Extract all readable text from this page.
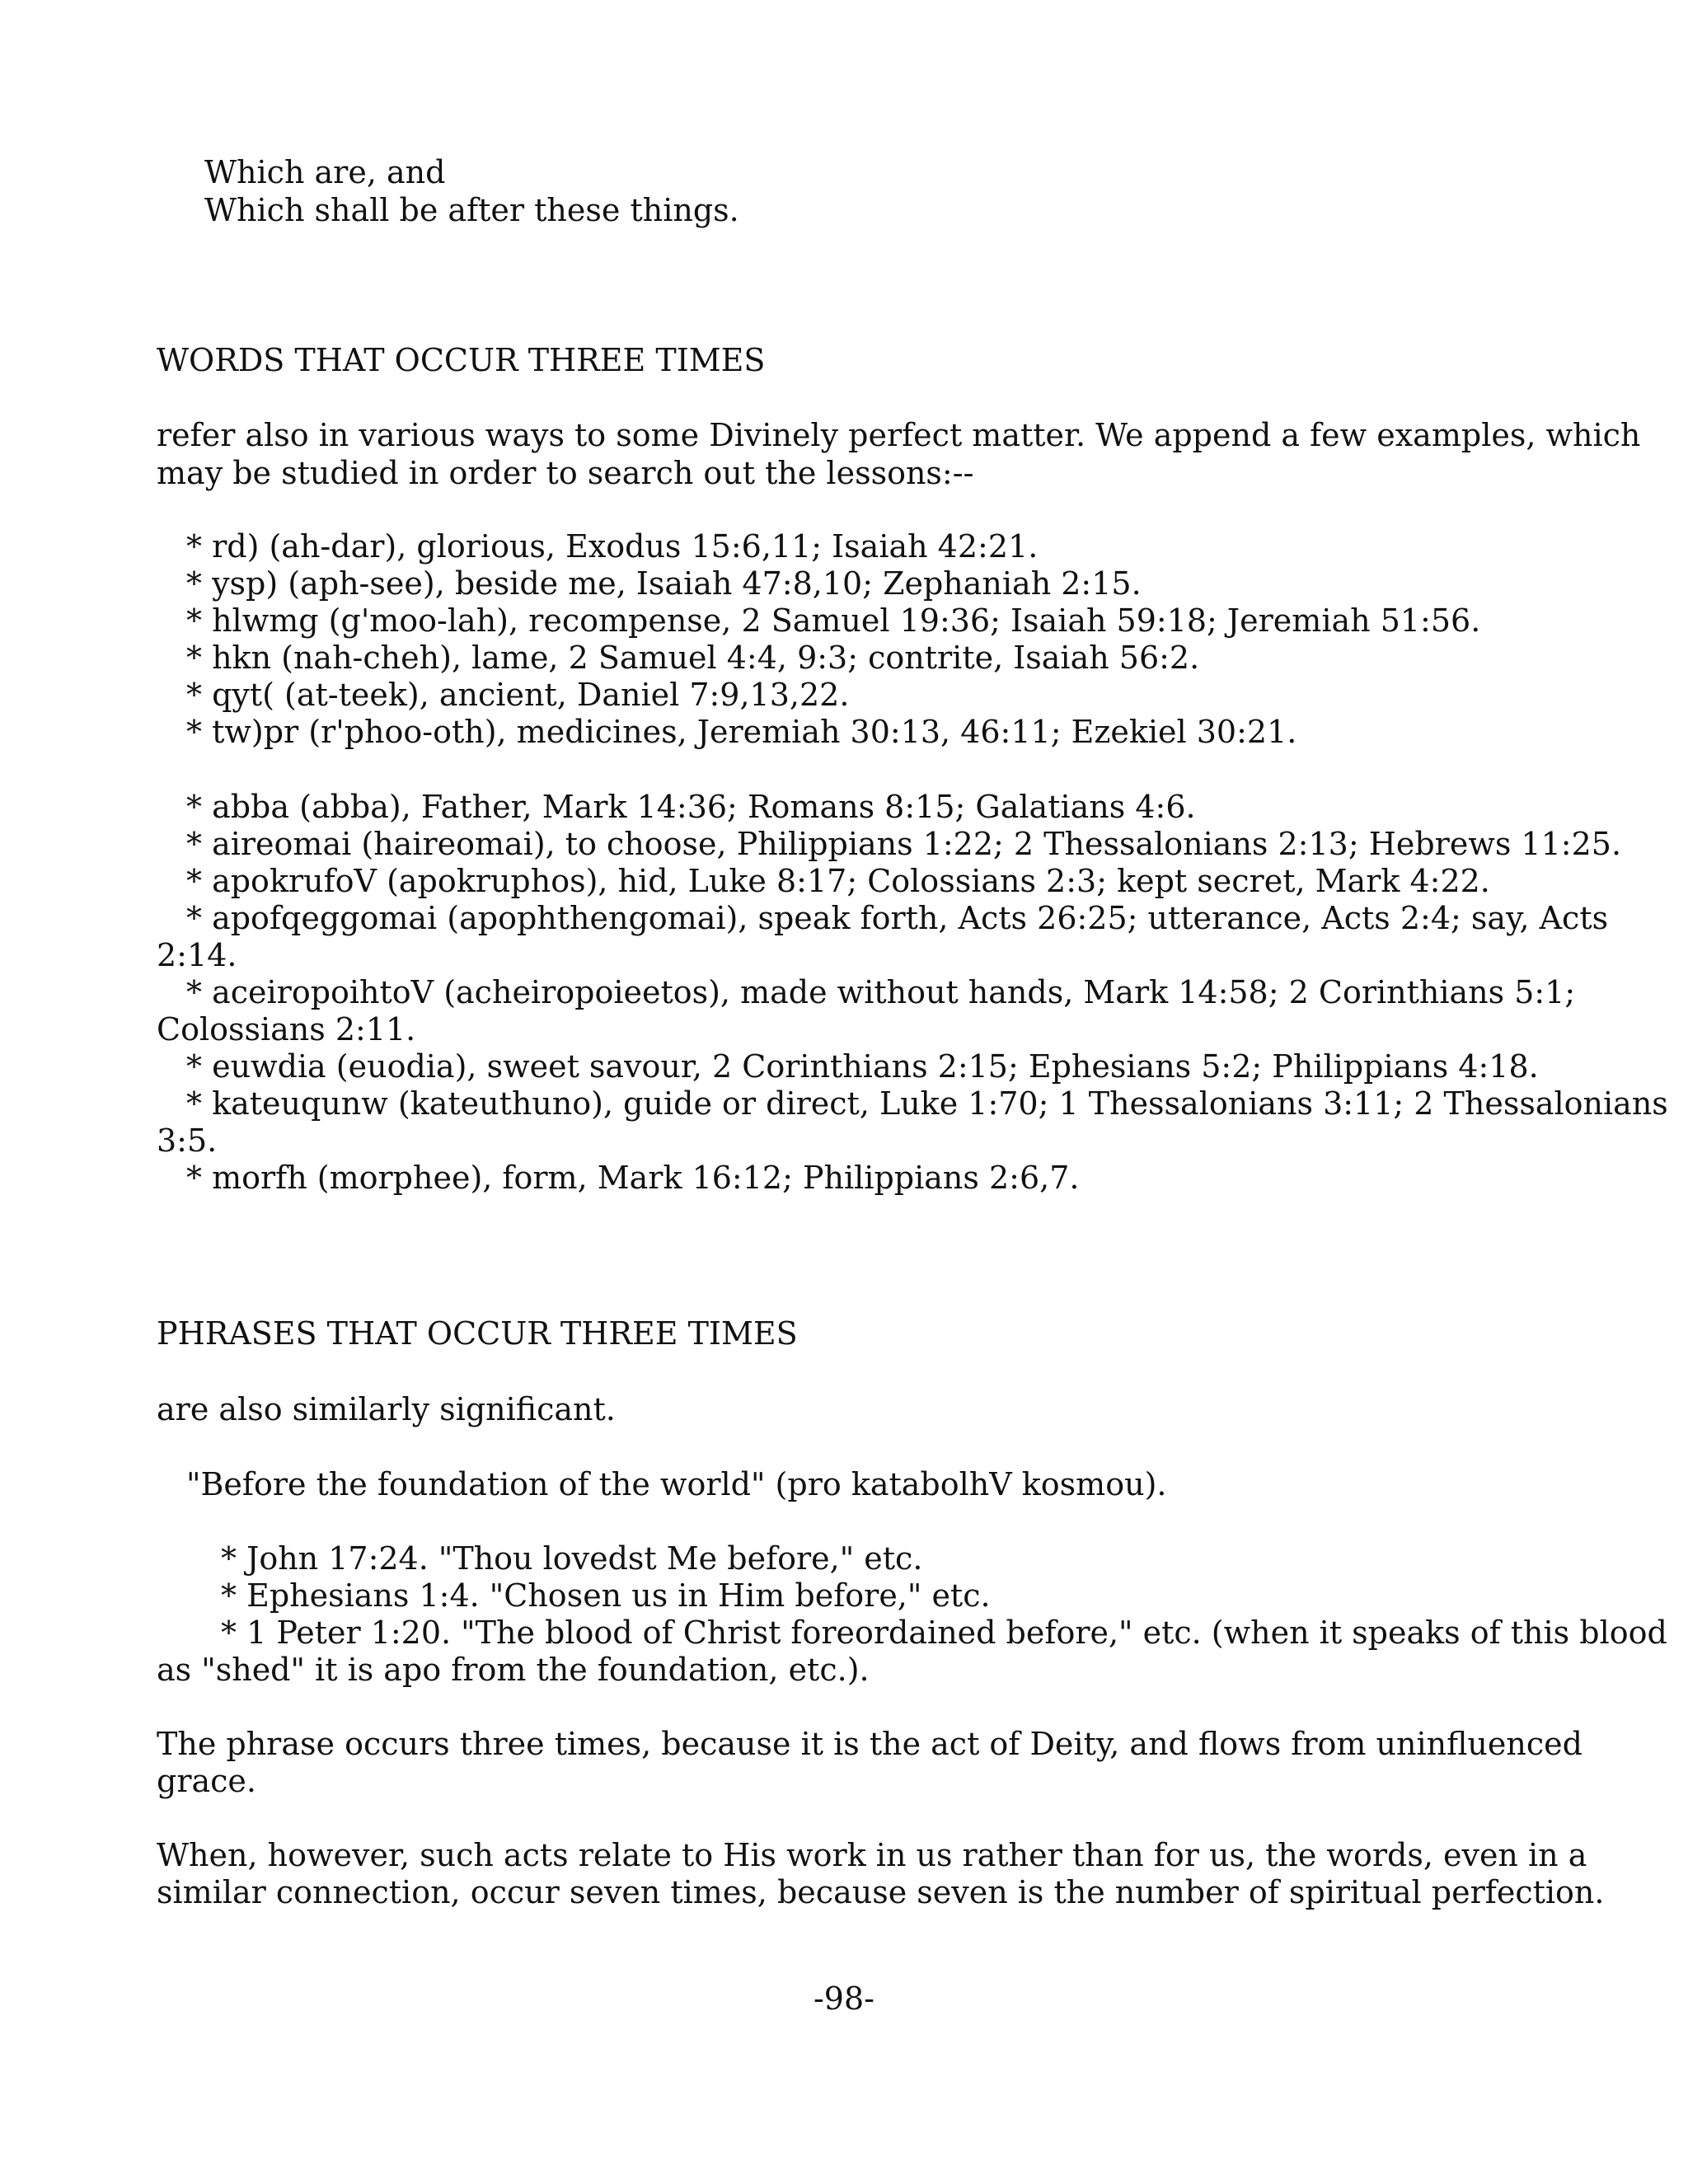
Which are, and
Which shall be after these things.
WORDS THAT OCCUR THREE TIMES
refer also in various ways to some Divinely perfect matter. We append a few examples, which
may be studied in order to search out the lessons:--
* rd) (ah-dar), glorious, Exodus 15:6,11; Isaiah 42:21.
* ysp) (aph-see), beside me, Isaiah 47:8,10; Zephaniah 2:15.
* hlwmg (g'moo-lah), recompense, 2 Samuel 19:36; Isaiah 59:18; Jeremiah 51:56.
* hkn (nah-cheh), lame, 2 Samuel 4:4, 9:3; contrite, Isaiah 56:2.
* qyt( (at-teek), ancient, Daniel 7:9,13,22.
* tw)pr (r'phoo-oth), medicines, Jeremiah 30:13, 46:11; Ezekiel 30:21.
* abba (abba), Father, Mark 14:36; Romans 8:15; Galatians 4:6.
* aireomai (haireomai), to choose, Philippians 1:22; 2 Thessalonians 2:13; Hebrews 11:25.
* apokrufoV (apokruphos), hid, Luke 8:17; Colossians 2:3; kept secret, Mark 4:22.
* apofqeggomai (apophthengomai), speak forth, Acts 26:25; utterance, Acts 2:4; say, Acts
2:14.
* aceiropoihtoV (acheiropoieetos), made without hands, Mark 14:58; 2 Corinthians 5:1;
Colossians 2:11.
* euwdia (euodia), sweet savour, 2 Corinthians 2:15; Ephesians 5:2; Philippians 4:18.
* kateuqunw (kateuthuno), guide or direct, Luke 1:70; 1 Thessalonians 3:11; 2 Thessalonians
3:5.
* morfh (morphee), form, Mark 16:12; Philippians 2:6,7.
PHRASES THAT OCCUR THREE TIMES
are also similarly significant.
"Before the foundation of the world" (pro katabolhV kosmou).
* John 17:24. "Thou lovedst Me before," etc.
* Ephesians 1:4. "Chosen us in Him before," etc.
* 1 Peter 1:20. "The blood of Christ foreordained before," etc. (when it speaks of this blood
as "shed" it is apo from the foundation, etc.).
The phrase occurs three times, because it is the act of Deity, and flows from uninfluenced
grace.
When, however, such acts relate to His work in us rather than for us, the words, even in a
similar connection, occur seven times, because seven is the number of spiritual perfection.
-98-
